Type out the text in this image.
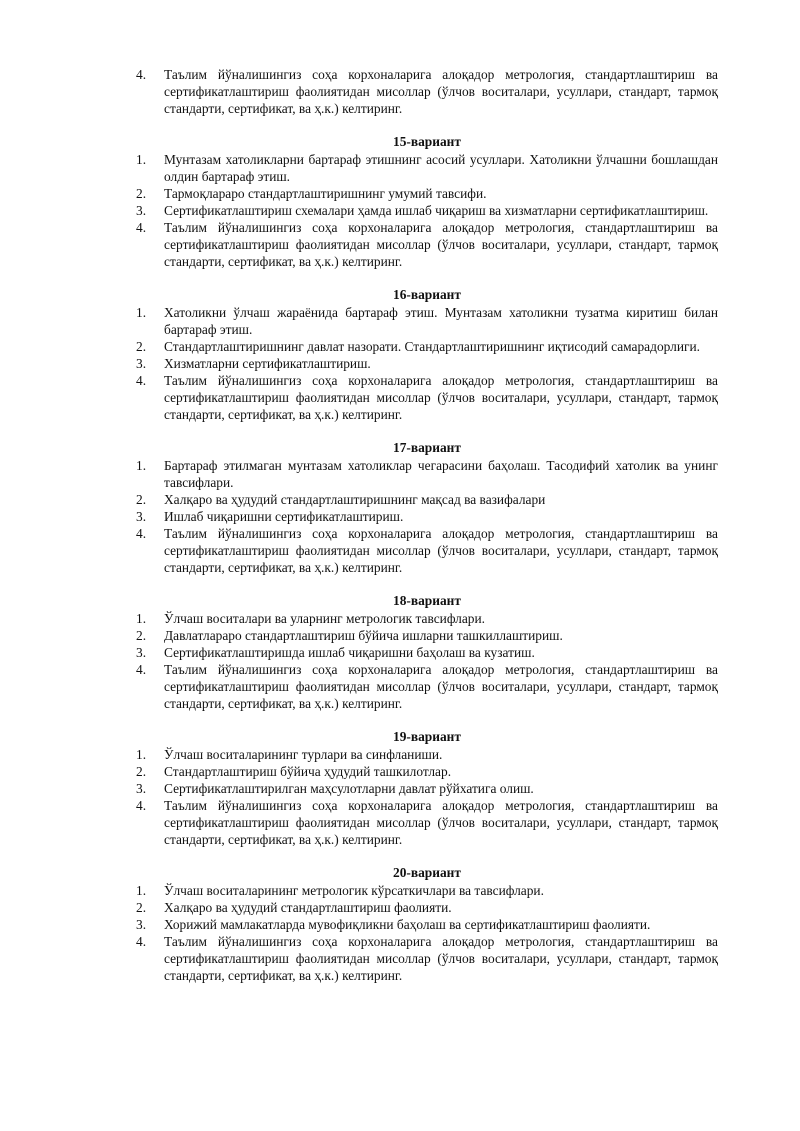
4.	Таълим йўналишингиз соҳа корхоналарига алоқадор метрология, стандартлаштириш ва сертификатлаштириш фаолиятидан мисоллар (ўлчов воситалари, усуллари, стандарт, тармоқ стандарти, сертификат, ва ҳ.к.) келтиринг.
15-вариант
1.	Мунтазам хатоликларни бартараф этишнинг асосий усуллари. Хатоликни ўлчашни бошлашдан олдин бартараф этиш.
2.	Тармоқлараро стандартлаштиришнинг умумий тавсифи.
3.	Сертификатлаштириш схемалари ҳамда ишлаб чиқариш ва хизматларни сертификатлаштириш.
4.	Таълим йўналишингиз соҳа корхоналарига алоқадор метрология, стандартлаштириш ва сертификатлаштириш фаолиятидан мисоллар (ўлчов воситалари, усуллари, стандарт, тармоқ стандарти, сертификат, ва ҳ.к.) келтиринг.
16-вариант
1.	Хатоликни ўлчаш жараёнида бартараф этиш. Мунтазам хатоликни тузатма киритиш билан бартараф этиш.
2.	Стандартлаштиришнинг давлат назорати. Стандартлаштиришнинг иқтисодий самарадорлиги.
3.	Хизматларни сертификатлаштириш.
4.	Таълим йўналишингиз соҳа корхоналарига алоқадор метрология, стандартлаштириш ва сертификатлаштириш фаолиятидан мисоллар (ўлчов воситалари, усуллари, стандарт, тармоқ стандарти, сертификат, ва ҳ.к.) келтиринг.
17-вариант
1.	Бартараф этилмаган мунтазам хатоликлар чегарасини баҳолаш. Тасодифий хатолик ва унинг тавсифлари.
2.	Халқаро ва ҳудудий стандартлаштиришнинг мақсад ва вазифалари
3.	Ишлаб чиқаришни сертификатлаштириш.
4.	Таълим йўналишингиз соҳа корхоналарига алоқадор метрология, стандартлаштириш ва сертификатлаштириш фаолиятидан мисоллар (ўлчов воситалари, усуллари, стандарт, тармоқ стандарти, сертификат, ва ҳ.к.) келтиринг.
18-вариант
1.	Ўлчаш воситалари ва уларнинг метрологик тавсифлари.
2.	Давлатлараро стандартлаштириш бўйича ишларни ташкиллаштириш.
3.	Сертификатлаштиришда ишлаб чиқаришни баҳолаш ва кузатиш.
4.	Таълим йўналишингиз соҳа корхоналарига алоқадор метрология, стандартлаштириш ва сертификатлаштириш фаолиятидан мисоллар (ўлчов воситалари, усуллари, стандарт, тармоқ стандарти, сертификат, ва ҳ.к.) келтиринг.
19-вариант
1.	Ўлчаш воситаларининг турлари ва синфланиши.
2.	Стандартлаштириш бўйича ҳудудий ташкилотлар.
3.	Сертификатлаштирилган маҳсулотларни давлат рўйхатига олиш.
4.	Таълим йўналишингиз соҳа корхоналарига алоқадор метрология, стандартлаштириш ва сертификатлаштириш фаолиятидан мисоллар (ўлчов воситалари, усуллари, стандарт, тармоқ стандарти, сертификат, ва ҳ.к.) келтиринг.
20-вариант
1.	Ўлчаш воситаларининг метрологик кўрсаткичлари ва тавсифлари.
2.	Халқаро ва ҳудудий стандартлаштириш фаолияти.
3.	Хорижий мамлакатларда мувофиқликни баҳолаш ва сертификатлаштириш фаолияти.
4.	Таълим йўналишингиз соҳа корхоналарига алоқадор метрология, стандартлаштириш ва сертификатлаштириш фаолиятидан мисоллар (ўлчов воситалари, усуллари, стандарт, тармоқ стандарти, сертификат, ва ҳ.к.) келтиринг.
